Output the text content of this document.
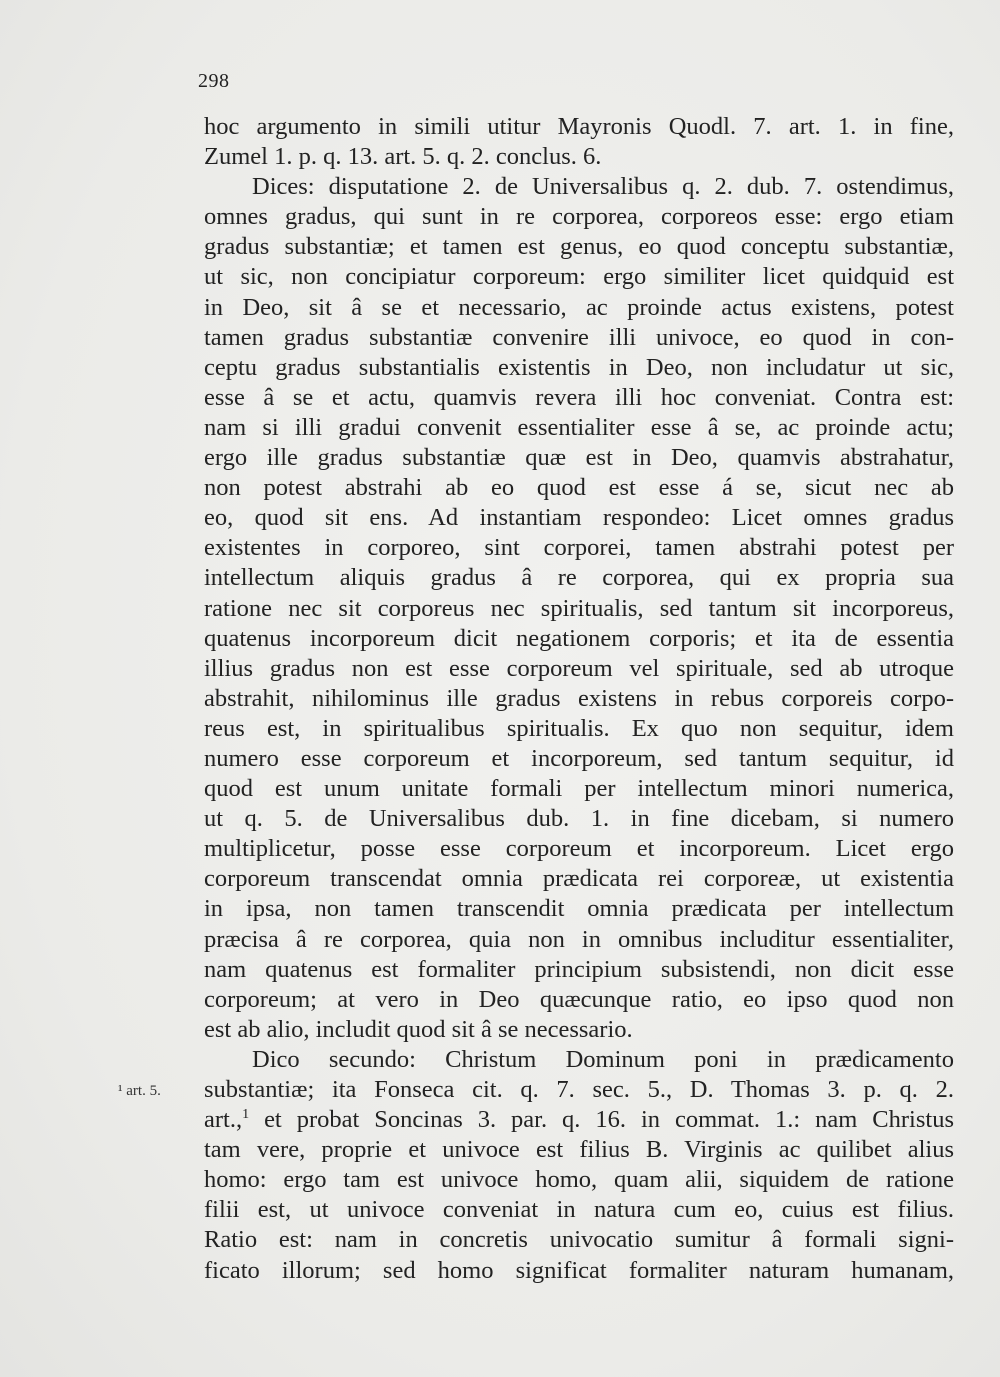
298
hoc argumento in simili utitur Mayronis Quodl. 7. art. 1. in fine,
Zumel 1. p. q. 13. art. 5. q. 2. conclus. 6.
Dices: disputatione 2. de Universalibus q. 2. dub. 7. ostendimus,
omnes gradus, qui sunt in re corporea, corporeos esse: ergo etiam
gradus substantiæ; et tamen est genus, eo quod conceptu substantiæ,
ut sic, non concipiatur corporeum: ergo similiter licet quidquid est
in Deo, sit â se et necessario, ac proinde actus existens, potest
tamen gradus substantiæ convenire illi univoce, eo quod in con-
ceptu gradus substantialis existentis in Deo, non includatur ut sic,
esse â se et actu, quamvis revera illi hoc conveniat. Contra est:
nam si illi gradui convenit essentialiter esse â se, ac proinde actu;
ergo ille gradus substantiæ quæ est in Deo, quamvis abstrahatur,
non potest abstrahi ab eo quod est esse á se, sicut nec ab
eo, quod sit ens. Ad instantiam respondeo: Licet omnes gradus
existentes in corporeo, sint corporei, tamen abstrahi potest per
intellectum aliquis gradus â re corporea, qui ex propria sua
ratione nec sit corporeus nec spiritualis, sed tantum sit incorporeus,
quatenus incorporeum dicit negationem corporis; et ita de essentia
illius gradus non est esse corporeum vel spirituale, sed ab utroque
abstrahit, nihilominus ille gradus existens in rebus corporeis corpo-
reus est, in spiritualibus spiritualis. Ex quo non sequitur, idem
numero esse corporeum et incorporeum, sed tantum sequitur, id
quod est unum unitate formali per intellectum minori numerica,
ut q. 5. de Universalibus dub. 1. in fine dicebam, si numero
multiplicetur, posse esse corporeum et incorporeum. Licet ergo
corporeum transcendat omnia prædicata rei corporeæ, ut existentia
in ipsa, non tamen transcendit omnia prædicata per intellectum
præcisa â re corporea, quia non in omnibus includitur essentialiter,
nam quatenus est formaliter principium subsistendi, non dicit esse
corporeum; at vero in Deo quæcunque ratio, eo ipso quod non
est ab alio, includit quod sit â se necessario.
Dico secundo: Christum Dominum poni in prædicamento
substantiæ; ita Fonseca cit. q. 7. sec. 5., D. Thomas 3. p. q. 2.
art.,$^1$ et probat Soncinas 3. par. q. 16. in commat. 1.: nam Christus
tam vere, proprie et univoce est filius B. Virginis ac quilibet alius
homo: ergo tam est univoce homo, quam alii, siquidem de ratione
filii est, ut univoce conveniat in natura cum eo, cuius est filius.
Ratio est: nam in concretis univocatio sumitur â formali signi-
ficato illorum; sed homo significat formaliter naturam humanam,
¹ art. 5.
